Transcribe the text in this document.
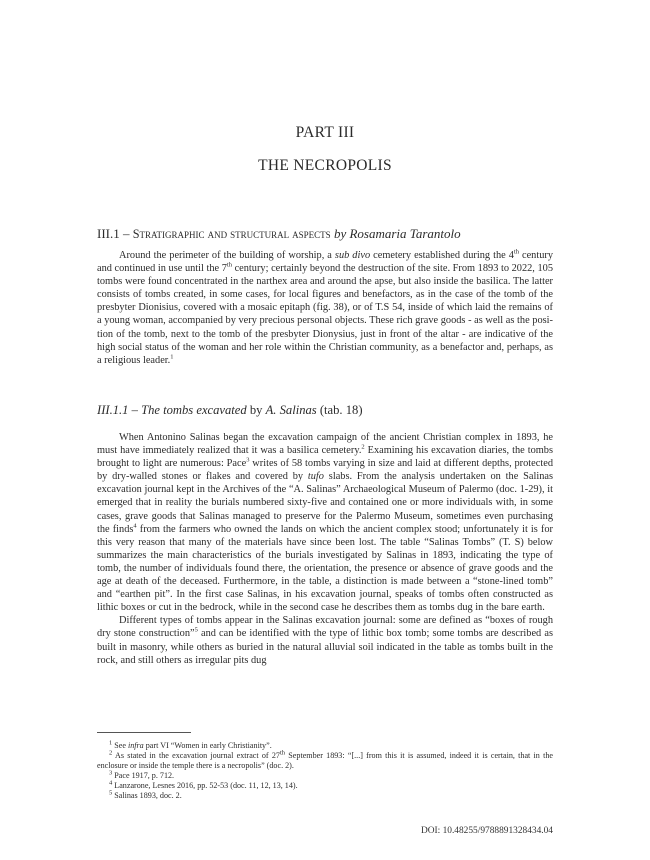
PART III
THE NECROPOLIS
III.1 – Stratigraphic and structural aspects by Rosamaria Tarantolo

Around the perimeter of the building of worship, a sub divo cemetery established during the 4th century and continued in use until the 7th century; certainly beyond the destruction of the site. From 1893 to 2022, 105 tombs were found concentrated in the narthex area and around the apse, but also inside the basilica. The latter consists of tombs created, in some cases, for local figures and benefactors, as in the case of the tomb of the presbyter Dionisius, covered with a mosaic epitaph (fig. 38), or of T.S 54, inside of which laid the remains of a young woman, accompanied by very precious personal objects. These rich grave goods - as well as the position of the tomb, next to the tomb of the presbyter Dionysius, just in front of the altar - are indicative of the high social status of the woman and her role within the Christian community, as a benefactor and, perhaps, as a religious leader.$^1$

III.1.1 – The tombs excavated by A. Salinas (tab. 18)

When Antonino Salinas began the excavation campaign of the ancient Christian complex in 1893, he must have immediately realized that it was a basilica cemetery.$^2$ Examining his excavation diaries, the tombs brought to light are numerous: Pace$^3$ writes of 58 tombs varying in size and laid at different depths, protected by dry-walled stones or flakes and covered by tufo slabs. From the analysis undertaken on the Salinas excavation journal kept in the Archives of the “A. Salinas” Archaeological Museum of Palermo (doc. 1-29), it emerged that in reality the burials numbered sixty-five and contained one or more individuals with, in some cases, grave goods that Salinas managed to preserve for the Palermo Museum, sometimes even purchasing the finds$^4$ from the farmers who owned the lands on which the ancient complex stood; unfortunately it is for this very reason that many of the materials have since been lost. The table “Salinas Tombs” (T. S) below summarizes the main characteristics of the burials investigated by Salinas in 1893, indicating the type of tomb, the number of individuals found there, the orientation, the presence or absence of grave goods and the age at death of the deceased. Furthermore, in the table, a distinction is made between a “stone-lined tomb” and “earthen pit”. In the first case Salinas, in his excavation journal, speaks of tombs often constructed as lithic boxes or cut in the bedrock, while in the second case he describes them as tombs dug in the bare earth.

Different types of tombs appear in the Salinas excavation journal: some are defined as “boxes of rough dry stone construction”$^5$ and can be identified with the type of lithic box tomb; some tombs are described as built in masonry, while others as buried in the natural alluvial soil indicated in the table as tombs built in the rock, and still others as irregular pits dug

$^1$ See infra part VI “Women in early Christianity”.
$^2$ As stated in the excavation journal extract of 27th September 1893: “[...] from this it is assumed, indeed it is certain, that in the enclosure or inside the temple there is a necropolis” (doc. 2).
$^3$ Pace 1917, p. 712.
$^4$ Lanzarone, Lesnes 2016, pp. 52-53 (doc. 11, 12, 13, 14).
$^5$ Salinas 1893, doc. 2.
DOI: 10.48255/9788891328434.04
